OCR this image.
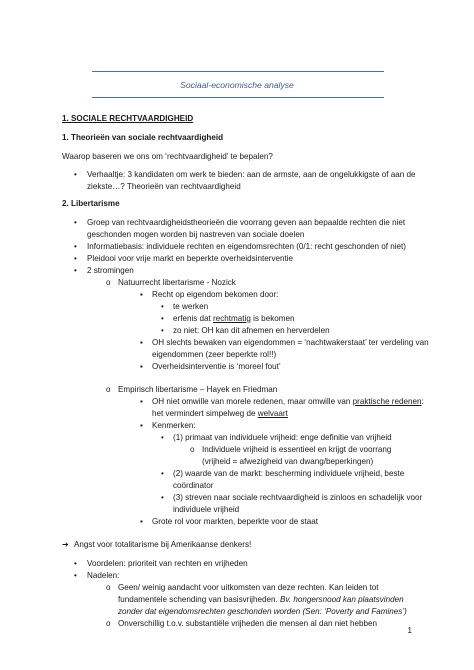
Sociaal-economische analyse
1. SOCIALE RECHTVAARDIGHEID
1. Theorieën van sociale rechtvaardigheid
Waarop baseren we ons om ‘rechtvaardigheid’ te bepalen?
• Verhaaltje: 3 kandidaten om werk te bieden: aan de armste, aan de ongelukkigste of aan de
ziekste…? Theorieën van rechtvaardigheid
2. Libertarisme
• Groep van rechtvaardigheidstheorieën die voorrang geven aan bepaalde rechten die niet
geschonden mogen worden bij nastreven van sociale doelen
• Informatiebasis: individuele rechten en eigendomsrechten (0/1: recht geschonden of niet)
• Pleidooi voor vrije markt en beperkte overheidsinterventie
• 2 stromingen
o Natuurrecht libertarisme - Nozick
▪ Recht op eigendom bekomen door:
• te werken
• erfenis dat rechtmatig is bekomen
• zo niet: OH kan dit afnemen en herverdelen
▪ OH slechts bewaken van eigendommen = ‘nachtwakerstaat’ ter verdeling van
eigendommen (zeer beperkte rol!!)
▪ Overheidsinterventie is ‘moreel fout’
o Empirisch libertarisme – Hayek en Friedman
▪ OH niet omwille van morele redenen, maar omwille van praktische redenen:
het vermindert simpelweg de welvaart
▪ Kenmerken:
• (1) primaat van individuele vrijheid: enge definitie van vrijheid
o Individuele vrijheid is essentieel en krijgt de voorrang
(vrijheid = afwezigheid van dwang/beperkingen)
• (2) waarde van de markt: bescherming individuele vrijheid, beste
coördinator
• (3) streven naar sociale rechtvaardigheid is zinloos en schadelijk voor
individuele vrijheid
▪ Grote rol voor markten, beperkte voor de staat
➔ Angst voor totalitarisme bij Amerikaanse denkers!
• Voordelen: prioriteit van rechten en vrijheden
• Nadelen:
o Geen/ weinig aandacht voor uitkomsten van deze rechten. Kan leiden tot
fundamentele schending van basisvrijheden. Bv. hongersnood kan plaatsvinden
zonder dat eigendomsrechten geschonden worden (Sen: ‘Poverty and Famines’)
o Onverschillig t.o.v. substantiële vrijheden die mensen al dan niet hebben
1
